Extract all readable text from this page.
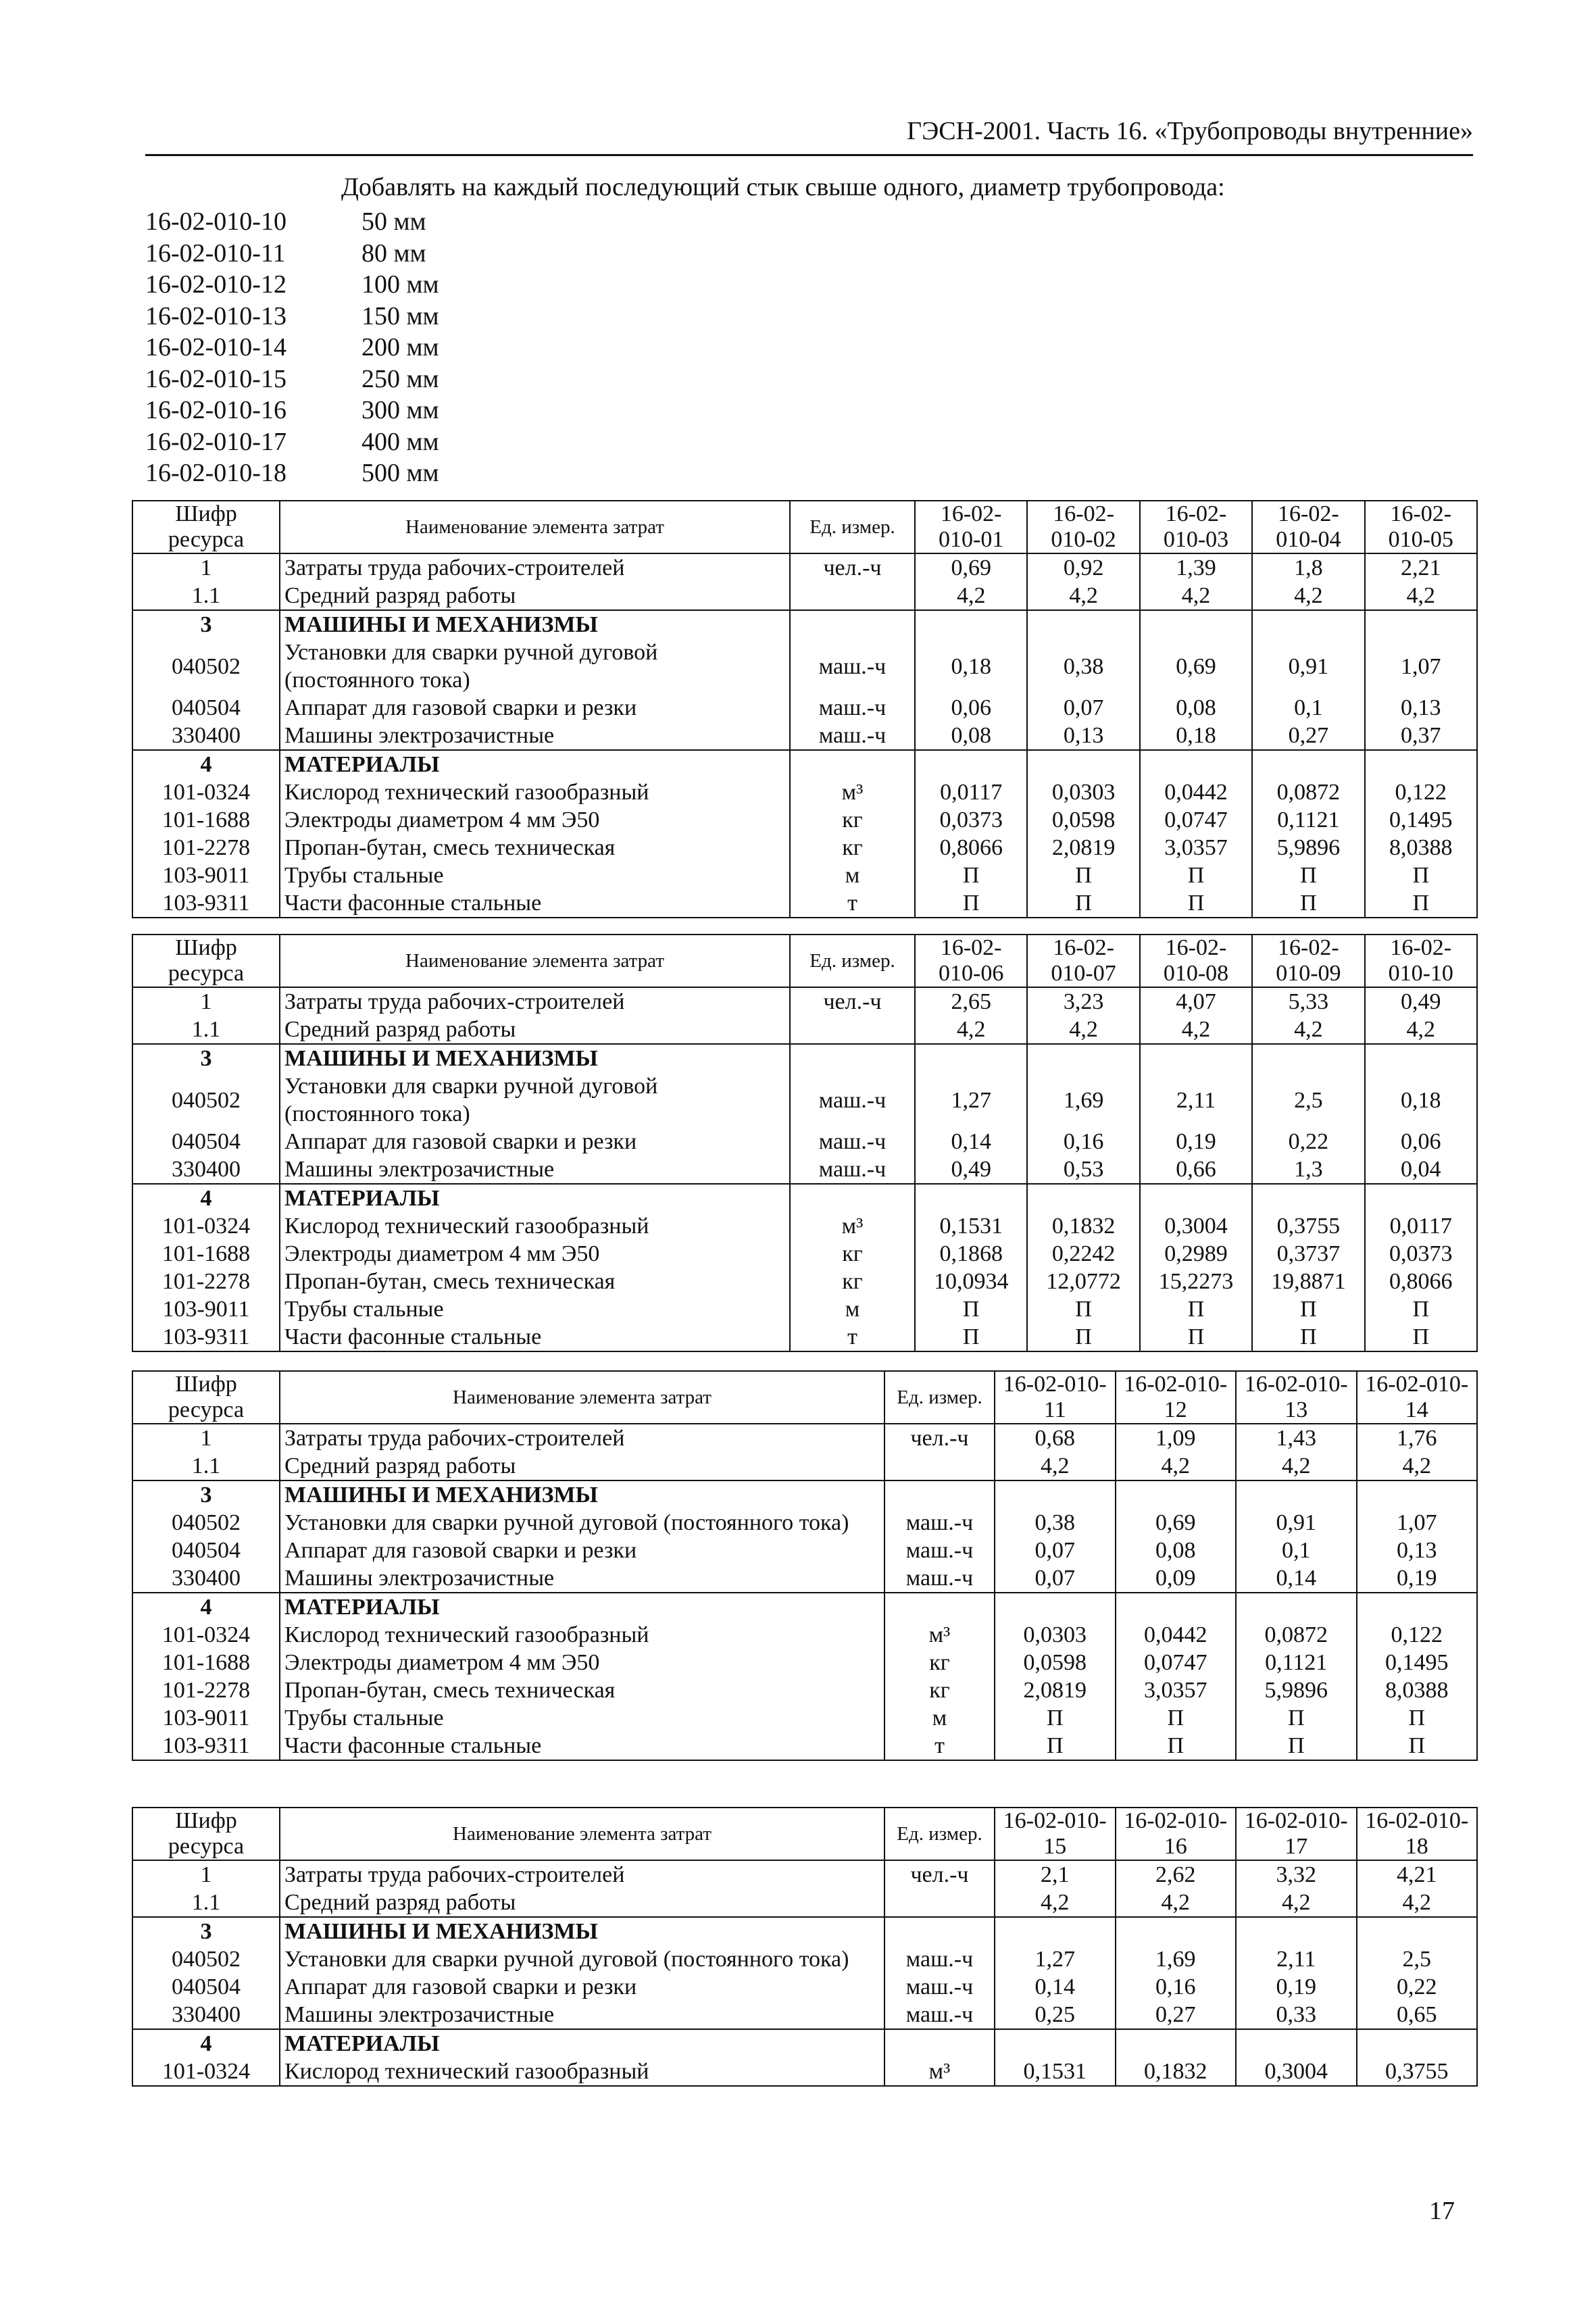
ГЭСН-2001. Часть 16. «Трубопроводы внутренние»
Добавлять на каждый последующий стык свыше одного, диаметр трубопровода:
16-02-010-10	50 мм
16-02-010-11	80 мм
16-02-010-12	100 мм
16-02-010-13	150 мм
16-02-010-14	200 мм
16-02-010-15	250 мм
16-02-010-16	300 мм
16-02-010-17	400 мм
16-02-010-18	500 мм
Шифр ресурса	Наименование элемента затрат	Ед. измер.	16-02-010-01	16-02-010-02	16-02-010-03	16-02-010-04	16-02-010-05
1	Затраты труда рабочих-строителей	чел.-ч	0,69	0,92	1,39	1,8	2,21
1.1	Средний разряд работы		4,2	4,2	4,2	4,2	4,2
3	МАШИНЫ И МЕХАНИЗМЫ						
040502	Установки для сварки ручной дуговой (постоянного тока)	маш.-ч	0,18	0,38	0,69	0,91	1,07
040504	Аппарат для газовой сварки и резки	маш.-ч	0,06	0,07	0,08	0,1	0,13
330400	Машины электрозачистные	маш.-ч	0,08	0,13	0,18	0,27	0,37
4	МАТЕРИАЛЫ						
101-0324	Кислород технический газообразный	м³	0,0117	0,0303	0,0442	0,0872	0,122
101-1688	Электроды диаметром 4 мм Э50	кг	0,0373	0,0598	0,0747	0,1121	0,1495
101-2278	Пропан-бутан, смесь техническая	кг	0,8066	2,0819	3,0357	5,9896	8,0388
103-9011	Трубы стальные	м	П	П	П	П	П
103-9311	Части фасонные стальные	т	П	П	П	П	П
Шифр ресурса	Наименование элемента затрат	Ед. измер.	16-02-010-06	16-02-010-07	16-02-010-08	16-02-010-09	16-02-010-10
1	Затраты труда рабочих-строителей	чел.-ч	2,65	3,23	4,07	5,33	0,49
1.1	Средний разряд работы		4,2	4,2	4,2	4,2	4,2
3	МАШИНЫ И МЕХАНИЗМЫ						
040502	Установки для сварки ручной дуговой (постоянного тока)	маш.-ч	1,27	1,69	2,11	2,5	0,18
040504	Аппарат для газовой сварки и резки	маш.-ч	0,14	0,16	0,19	0,22	0,06
330400	Машины электрозачистные	маш.-ч	0,49	0,53	0,66	1,3	0,04
4	МАТЕРИАЛЫ						
101-0324	Кислород технический газообразный	м³	0,1531	0,1832	0,3004	0,3755	0,0117
101-1688	Электроды диаметром 4 мм Э50	кг	0,1868	0,2242	0,2989	0,3737	0,0373
101-2278	Пропан-бутан, смесь техническая	кг	10,0934	12,0772	15,2273	19,8871	0,8066
103-9011	Трубы стальные	м	П	П	П	П	П
103-9311	Части фасонные стальные	т	П	П	П	П	П
Шифр ресурса	Наименование элемента затрат	Ед. измер.	16-02-010-11	16-02-010-12	16-02-010-13	16-02-010-14
1	Затраты труда рабочих-строителей	чел.-ч	0,68	1,09	1,43	1,76
1.1	Средний разряд работы		4,2	4,2	4,2	4,2
3	МАШИНЫ И МЕХАНИЗМЫ					
040502	Установки для сварки ручной дуговой (постоянного тока)	маш.-ч	0,38	0,69	0,91	1,07
040504	Аппарат для газовой сварки и резки	маш.-ч	0,07	0,08	0,1	0,13
330400	Машины электрозачистные	маш.-ч	0,07	0,09	0,14	0,19
4	МАТЕРИАЛЫ					
101-0324	Кислород технический газообразный	м³	0,0303	0,0442	0,0872	0,122
101-1688	Электроды диаметром 4 мм Э50	кг	0,0598	0,0747	0,1121	0,1495
101-2278	Пропан-бутан, смесь техническая	кг	2,0819	3,0357	5,9896	8,0388
103-9011	Трубы стальные	м	П	П	П	П
103-9311	Части фасонные стальные	т	П	П	П	П
Шифр ресурса	Наименование элемента затрат	Ед. измер.	16-02-010-15	16-02-010-16	16-02-010-17	16-02-010-18
1	Затраты труда рабочих-строителей	чел.-ч	2,1	2,62	3,32	4,21
1.1	Средний разряд работы		4,2	4,2	4,2	4,2
3	МАШИНЫ И МЕХАНИЗМЫ					
040502	Установки для сварки ручной дуговой (постоянного тока)	маш.-ч	1,27	1,69	2,11	2,5
040504	Аппарат для газовой сварки и резки	маш.-ч	0,14	0,16	0,19	0,22
330400	Машины электрозачистные	маш.-ч	0,25	0,27	0,33	0,65
4	МАТЕРИАЛЫ					
101-0324	Кислород технический газообразный	м³	0,1531	0,1832	0,3004	0,3755
17
